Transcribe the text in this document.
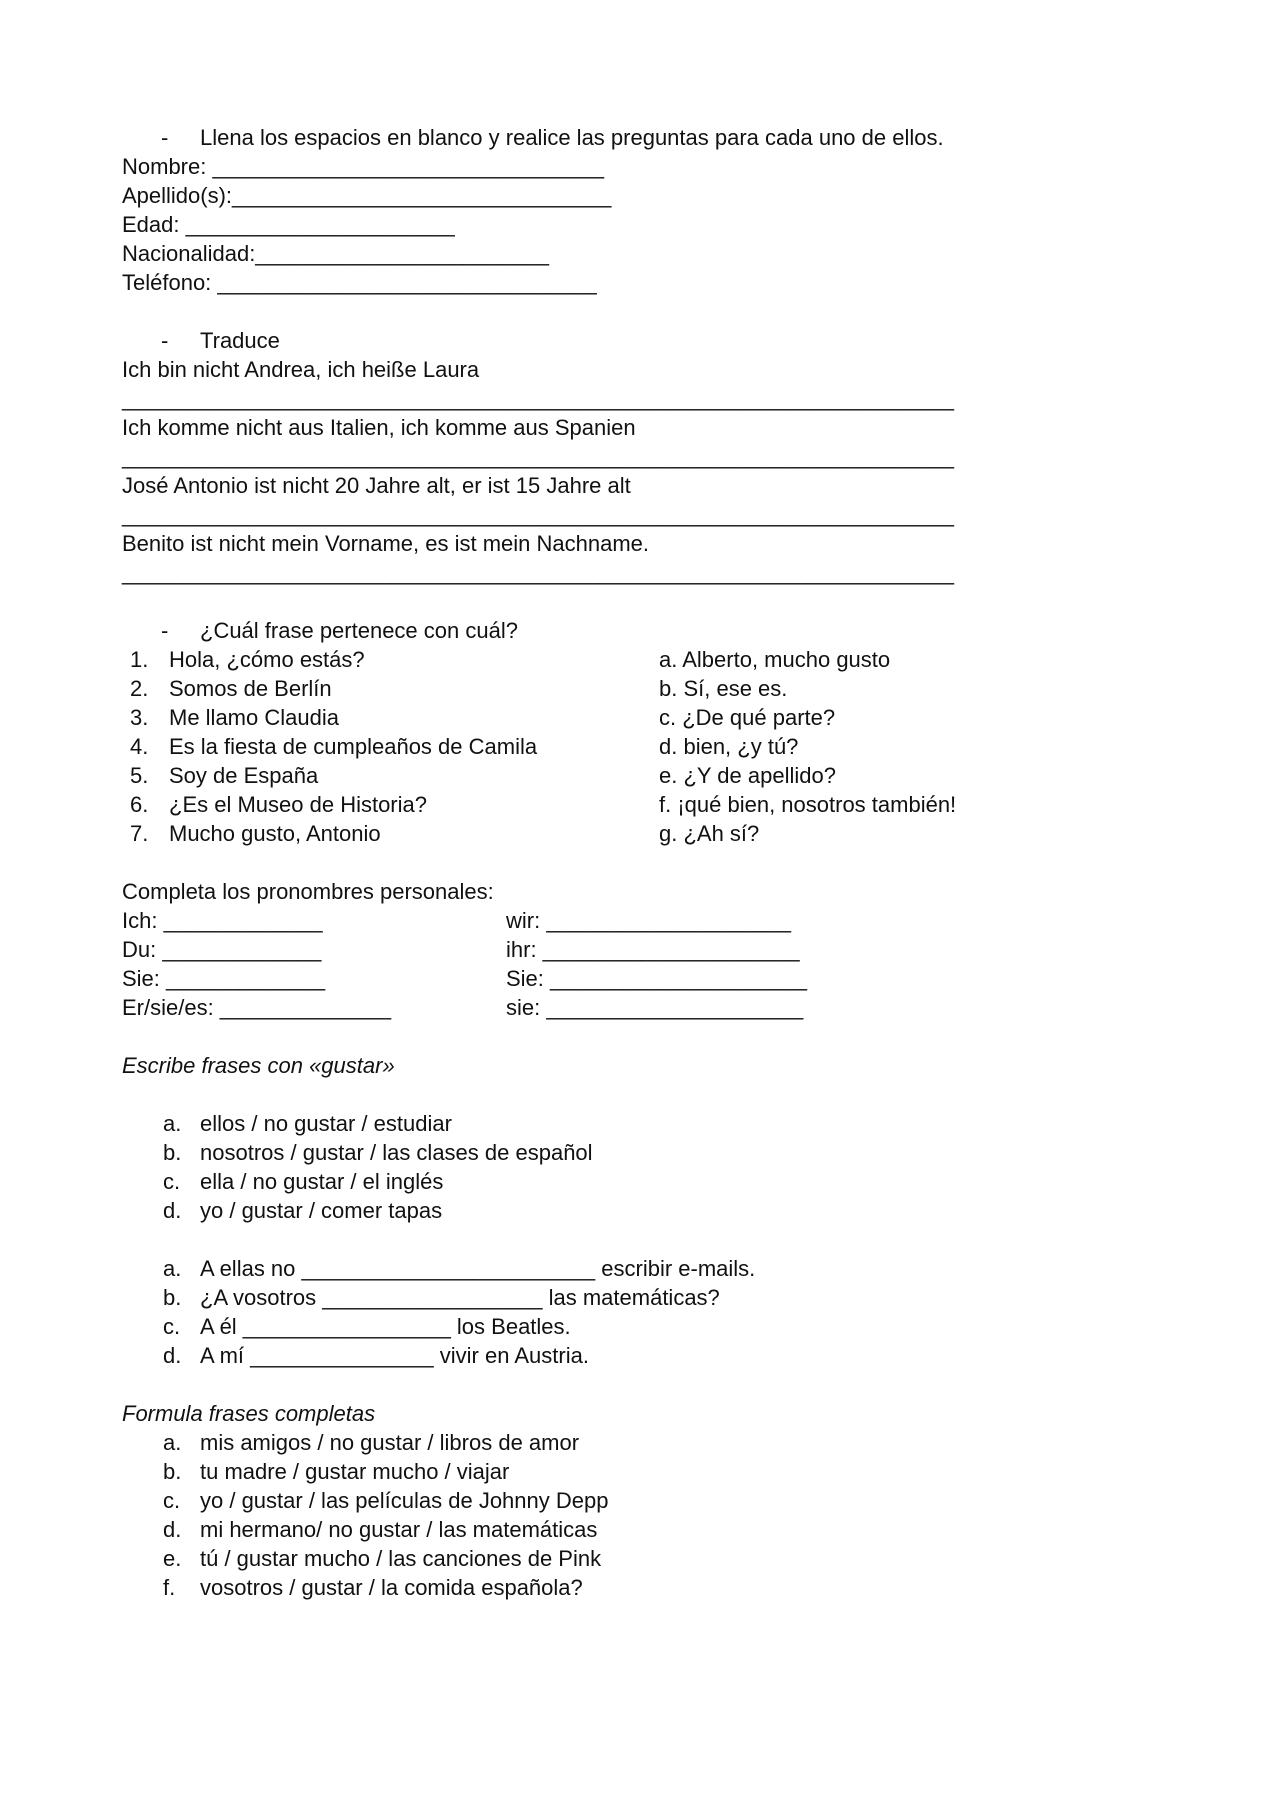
- Llena los espacios en blanco y realice las preguntas para cada uno de ellos.

Nombre: ________________________________

Apellido(s):_______________________________

Edad: ______________________

Nacionalidad:________________________

Teléfono: _______________________________

- Traduce

Ich bin nicht Andrea, ich heiße Laura

____________________________________________________________________

Ich komme nicht aus Italien, ich komme aus Spanien

____________________________________________________________________

José Antonio ist nicht 20 Jahre alt, er ist 15 Jahre alt

____________________________________________________________________

Benito ist nicht mein Vorname, es ist mein Nachname.

____________________________________________________________________

- ¿Cuál frase pertenece con cuál?

1. Hola, ¿cómo estás?

2. Somos de Berlín

3. Me llamo Claudia

4. Es la fiesta de cumpleaños de Camila

5. Soy de España

6. ¿Es el Museo de Historia?

7. Mucho gusto, Antonio

a. Alberto, mucho gusto

b. Sí, ese es.

c. ¿De qué parte?

d. bien, ¿y tú?

e. ¿Y de apellido?

f. ¡qué bien, nosotros también!

g. ¿Ah sí?

Completa los pronombres personales:

Ich: _____________

Du: _____________

Sie: _____________

Er/sie/es: ______________

wir: ____________________

ihr: _____________________

Sie: _____________________

sie: _____________________

Escribe frases con «gustar»

a. ellos / no gustar / estudiar

b. nosotros / gustar / las clases de español

c. ella / no gustar / el inglés

d. yo / gustar / comer tapas

a. A ellas no ________________________ escribir e-mails.

b. ¿A vosotros __________________ las matemáticas?

c. A él _________________ los Beatles.

d. A mí _______________ vivir en Austria.

Formula frases completas

a. mis amigos / no gustar / libros de amor

b. tu madre / gustar mucho / viajar

c. yo / gustar / las películas de Johnny Depp

d. mi hermano/ no gustar / las matemáticas

e. tú / gustar mucho / las canciones de Pink

f. vosotros / gustar / la comida española?
